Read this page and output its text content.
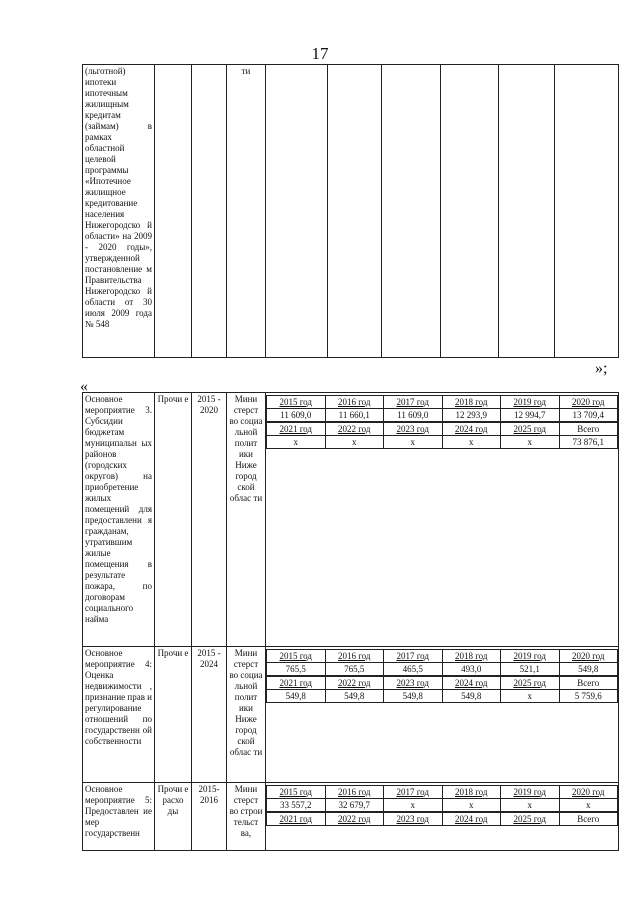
17
(льготной) ипотеки ипотечным жилищным кредитам (займам) в рамках областной целевой программы «Ипотечное жилищное кредитование населения Нижегородско й области» на 2009 - 2020 годы», утвержденной постановление м Правительства Нижегородско й области от 30 июля 2009 года № 548			ти						
»;
«
Основное мероприятие 3. Субсидии бюджетам муниципальн ых районов (городских округов) на приобретение жилых помещений для предоставлени я гражданам, утратившим жилые помещения в результате пожара, по договорам социального найма	Прочи е	2015 - 2020	Мини стерст во социа льной полит ики Ниже город ской облас ти	
2015 год	2016 год	2017 год	2018 год	2019 год	2020 год
11 609,0	11 660,1	11 609,0	12 293,9	12 994,7	13 709,4

2021 год	2022 год	2023 год	2024 год	2025 год	Всего
x	x	x	x	x	73 876,1

Основное мероприятие 4: Оценка недвижимости , признание прав и регулирование отношений по государственн ой собственности	Прочи е	2015 - 2024	Мини стерст во социа льной полит ики Ниже город ской облас ти	
2015 год	2016 год	2017 год	2018 год	2019 год	2020 год
765,5	765,5	465,5	493,0	521,1	549,8

2021 год	2022 год	2023 год	2024 год	2025 год	Всего
549,8	549,8	549,8	549,8	x	5 759,6

Основное мероприятие 5: Предоставлен ие мер государственн	Прочи е расхо ды	2015- 2016	Мини стерст во строи тельст ва,	
2015 год	2016 год	2017 год	2018 год	2019 год	2020 год
33 557,2	32 679,7	x	x	x	x

2021 год	2022 год	2023 год	2024 год	2025 год	Всего
